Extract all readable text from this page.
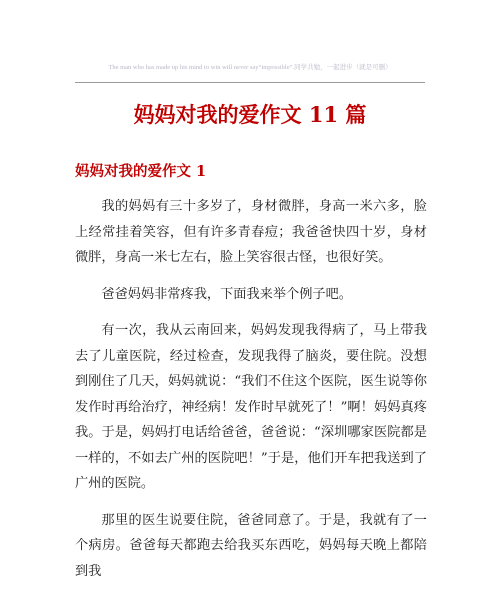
The man who has made up his mind to win will never say“impossible”.同学共勉，一起进步（就是可删）
妈妈对我的爱作文 11 篇
妈妈对我的爱作文 1

我的妈妈有三十多岁了，身材微胖，身高一米六多，脸上经常挂着笑容，但有许多青春痘；我爸爸快四十岁，身材微胖，身高一米七左右，脸上笑容很古怪，也很好笑。

爸爸妈妈非常疼我，下面我来举个例子吧。

有一次，我从云南回来，妈妈发现我得病了，马上带我去了儿童医院，经过检查，发现我得了脑炎，要住院。没想到刚住了几天，妈妈就说：“我们不住这个医院，医生说等你发作时再给治疗，神经病！发作时早就死了！”啊！妈妈真疼我。于是，妈妈打电话给爸爸，爸爸说：“深圳哪家医院都是一样的，不如去广州的医院吧！”于是，他们开车把我送到了广州的医院。

那里的医生说要住院，爸爸同意了。于是，我就有了一个病房。爸爸每天都跑去给我买东西吃，妈妈每天晚上都陪到我
